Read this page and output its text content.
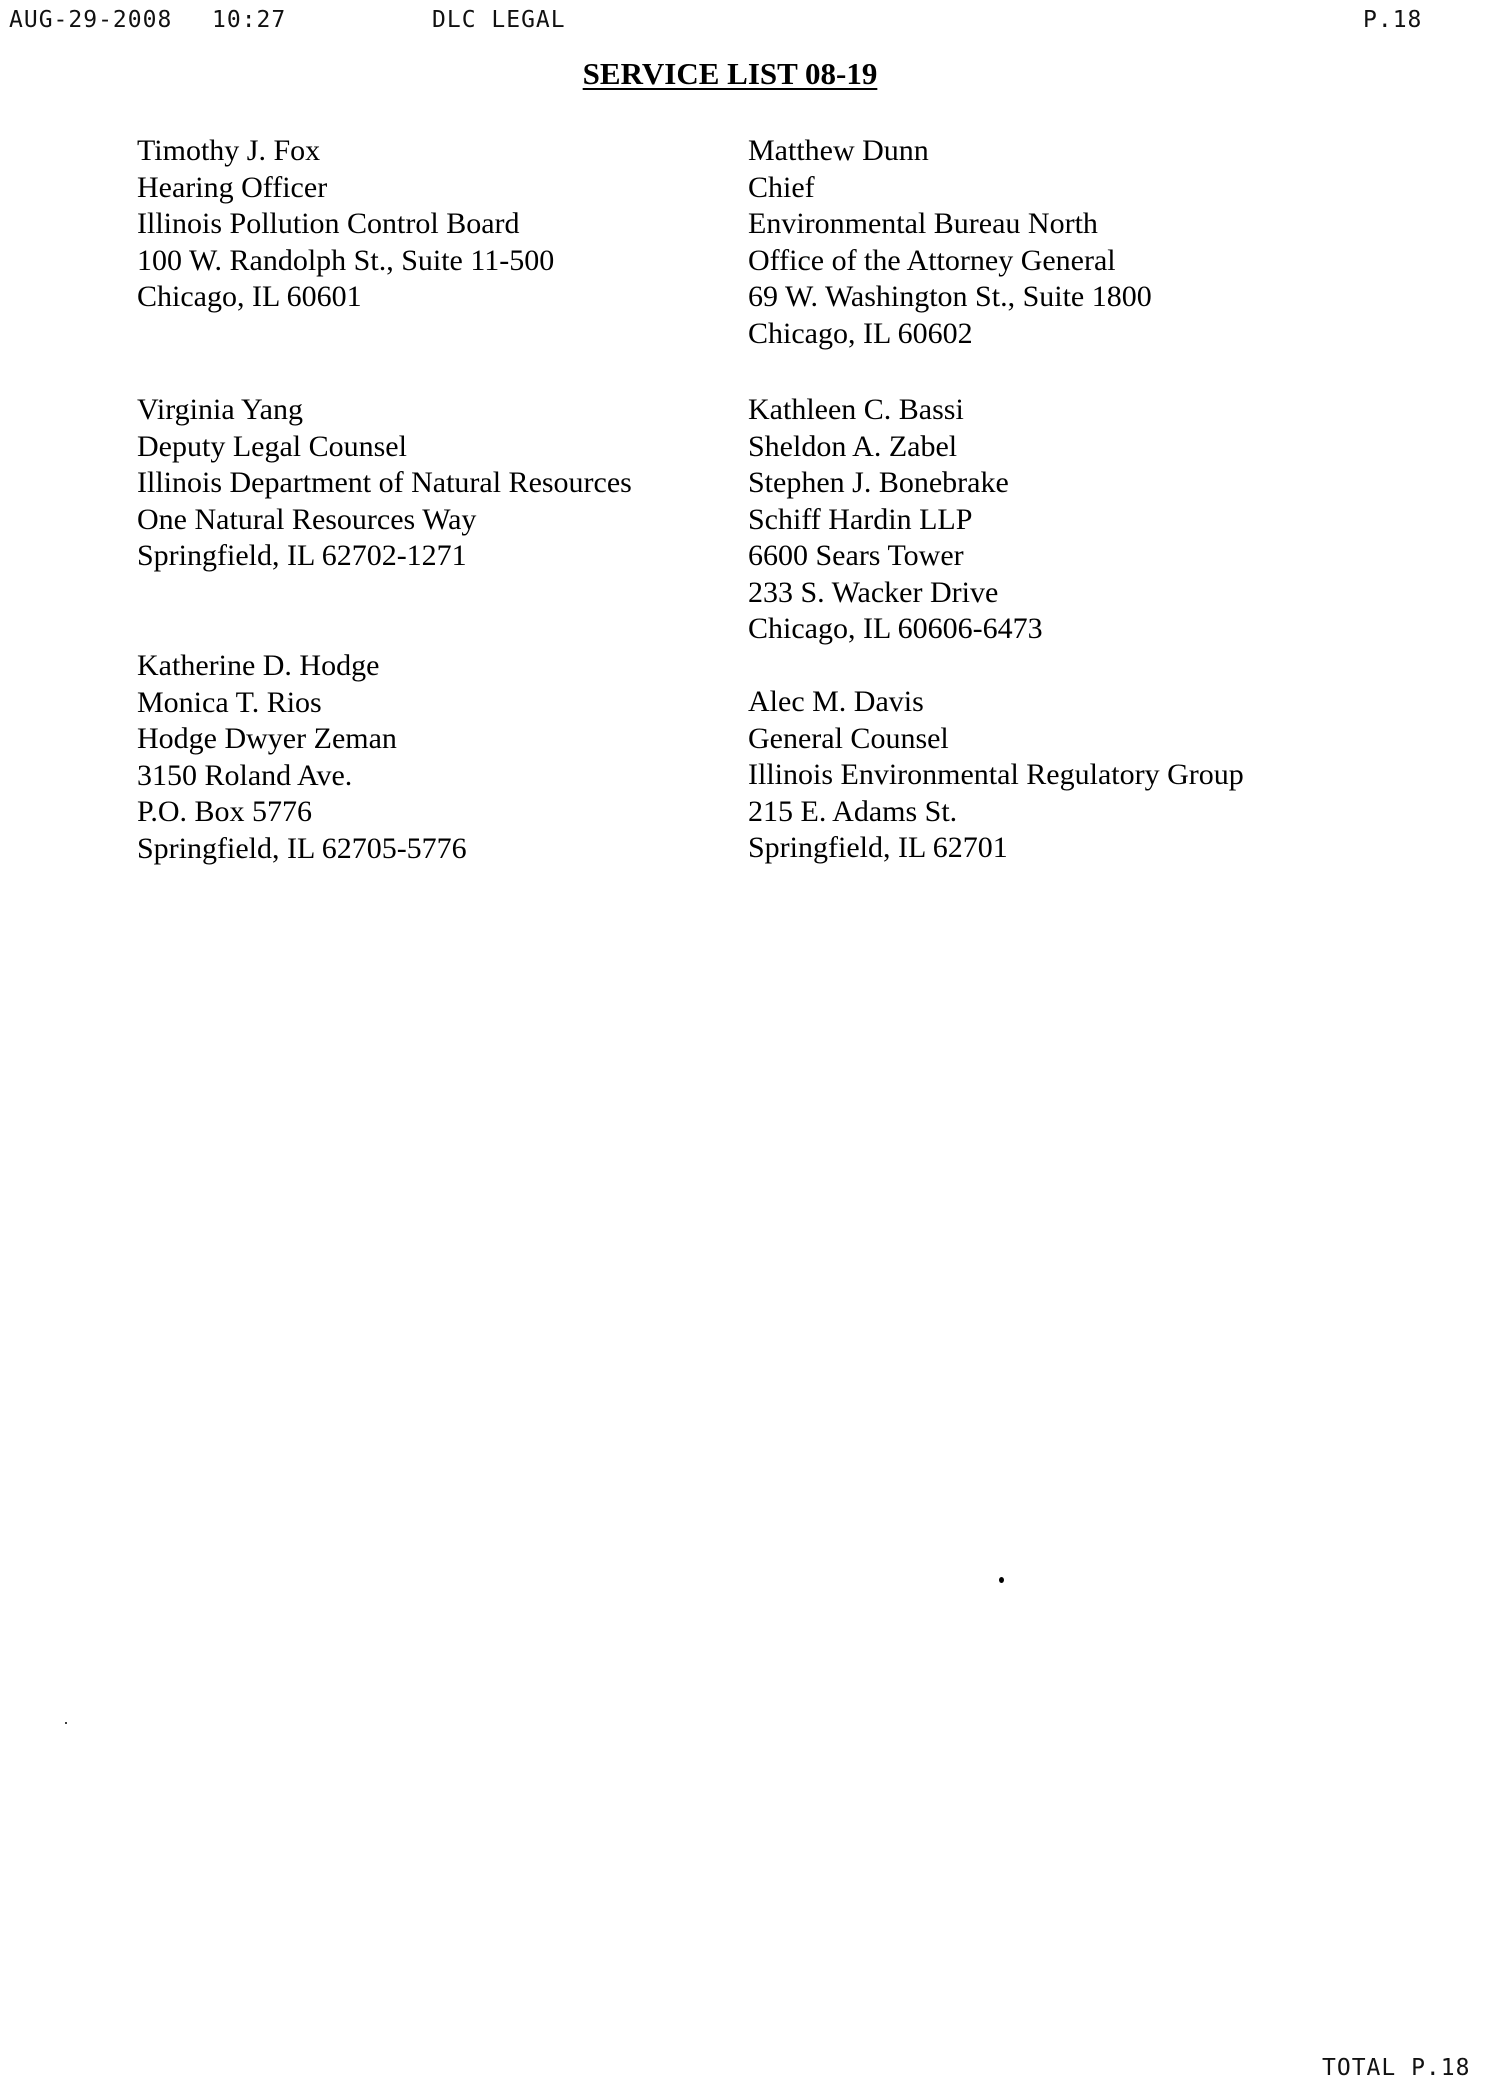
AUG-29-2008 10:27	DLC LEGAL	P.18
SERVICE LIST 08-19
Timothy J. Fox
Hearing Officer
Illinois Pollution Control Board
100 W. Randolph St., Suite 11-500
Chicago, IL 60601
Matthew Dunn
Chief
Environmental Bureau North
Office of the Attorney General
69 W. Washington St., Suite 1800
Chicago, IL 60602
Virginia Yang
Deputy Legal Counsel
Illinois Department of Natural Resources
One Natural Resources Way
Springfield, IL 62702-1271
Kathleen C. Bassi
Sheldon A. Zabel
Stephen J. Bonebrake
Schiff Hardin LLP
6600 Sears Tower
233 S. Wacker Drive
Chicago, IL 60606-6473
Katherine D. Hodge
Monica T. Rios
Hodge Dwyer Zeman
3150 Roland Ave.
P.O. Box 5776
Springfield, IL 62705-5776
Alec M. Davis
General Counsel
Illinois Environmental Regulatory Group
215 E. Adams St.
Springfield, IL 62701
TOTAL P.18
